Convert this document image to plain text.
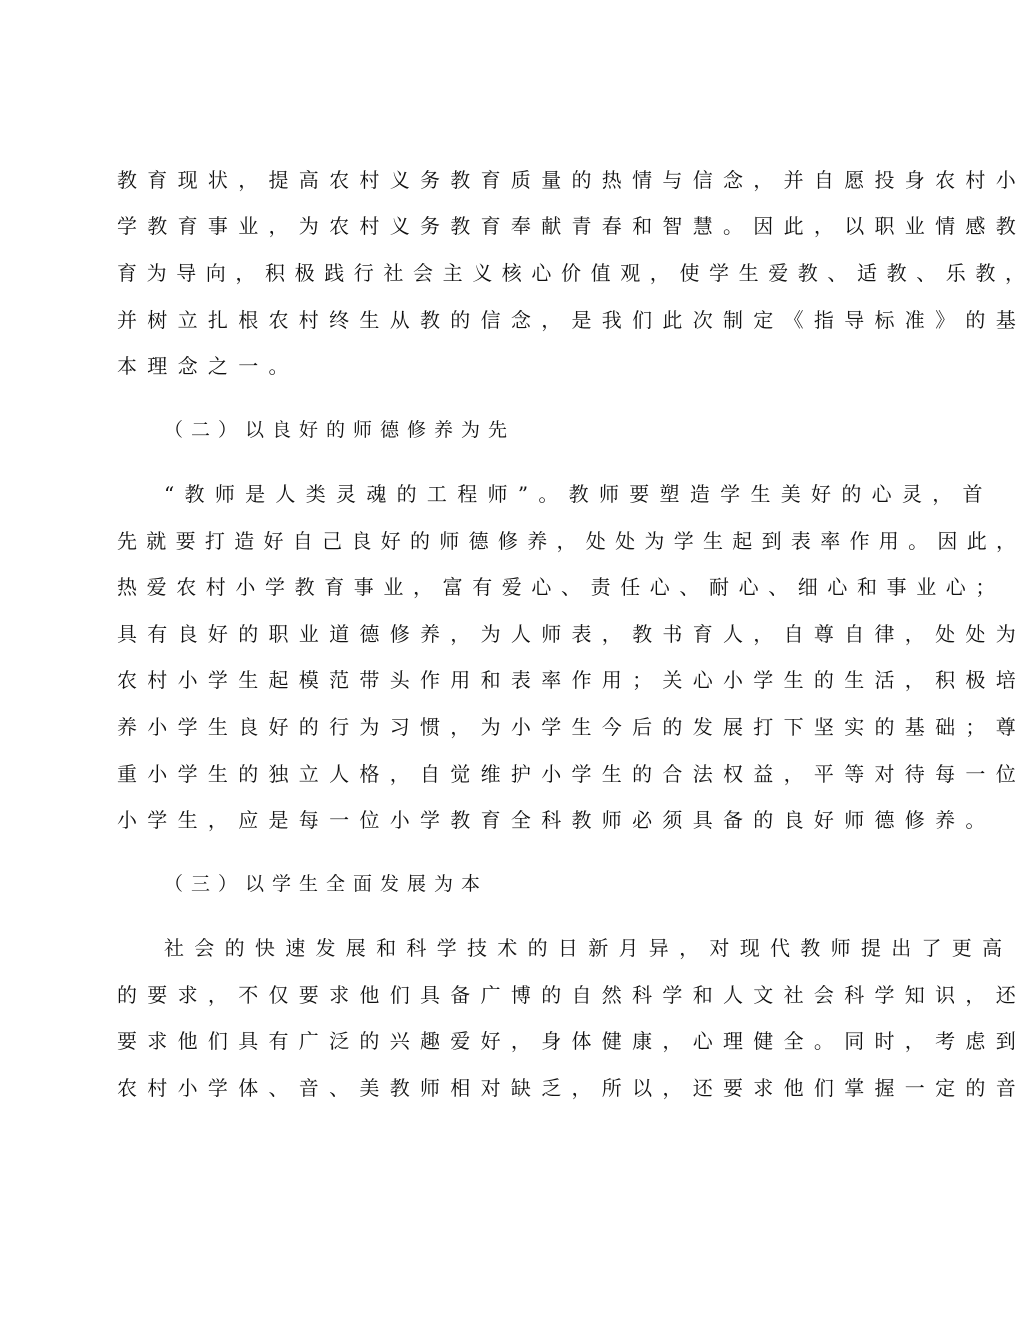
教育现状，提高农村义务教育质量的热情与信念，并自愿投身农村小
学教育事业，为农村义务教育奉献青春和智慧。因此，以职业情感教
育为导向，积极践行社会主义核心价值观，使学生爱教、适教、乐教，
并树立扎根农村终生从教的信念，是我们此次制定《指导标准》的基
本理念之一。
（二）以良好的师德修养为先
“教师是人类灵魂的工程师”。教师要塑造学生美好的心灵，首
先就要打造好自己良好的师德修养，处处为学生起到表率作用。因此，
热爱农村小学教育事业，富有爱心、责任心、耐心、细心和事业心；
具有良好的职业道德修养，为人师表，教书育人，自尊自律，处处为
农村小学生起模范带头作用和表率作用；关心小学生的生活，积极培
养小学生良好的行为习惯，为小学生今后的发展打下坚实的基础；尊
重小学生的独立人格，自觉维护小学生的合法权益，平等对待每一位
小学生，应是每一位小学教育全科教师必须具备的良好师德修养。
（三）以学生全面发展为本
社会的快速发展和科学技术的日新月异，对现代教师提出了更高
的要求，不仅要求他们具备广博的自然科学和人文社会科学知识，还
要求他们具有广泛的兴趣爱好，身体健康，心理健全。同时，考虑到
农村小学体、音、美教师相对缺乏，所以，还要求他们掌握一定的音
